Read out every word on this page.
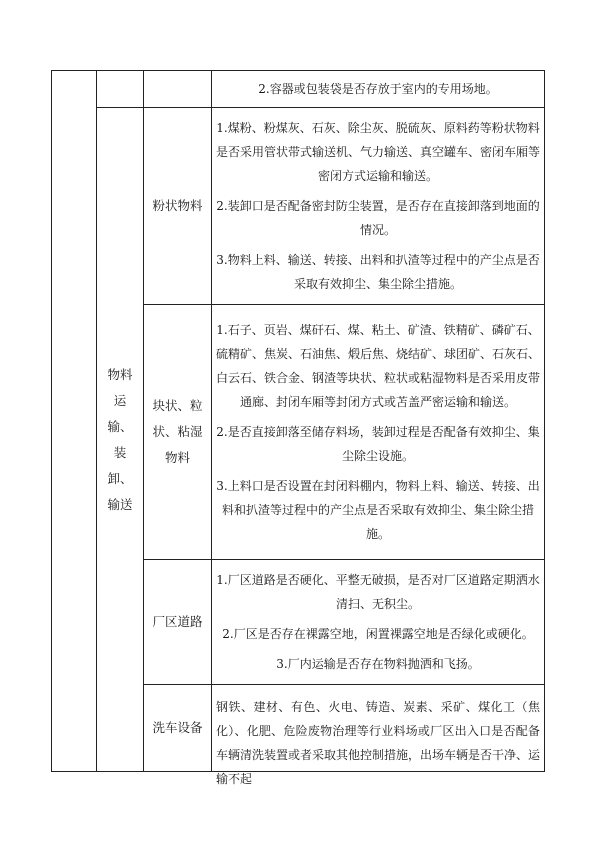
			2.容器或包装袋是否存放于室内的专用场地。

	物料运输、装卸、输送	粉状物料	1.煤粉、粉煤灰、石灰、除尘灰、脱硫灰、原料药等粉状物料是否采用管状带式输送机、气力输送、真空罐车、密闭车厢等密闭方式运输和输送。

2.装卸口是否配备密封防尘装置，是否存在直接卸落到地面的情况。

3.物料上料、输送、转接、出料和扒渣等过程中的产尘点是否采取有效抑尘、集尘除尘措施。

		块状、粒状、粘湿物料	1.石子、页岩、煤矸石、煤、粘土、矿渣、铁精矿、磷矿石、硫精矿、焦炭、石油焦、煅后焦、烧结矿、球团矿、石灰石、白云石、铁合金、钢渣等块状、粒状或粘湿物料是否采用皮带通廊、封闭车厢等封闭方式或苫盖严密运输和输送。

2.是否直接卸落至储存料场，装卸过程是否配备有效抑尘、集尘除尘设施。

3.上料口是否设置在封闭料棚内，物料上料、输送、转接、出料和扒渣等过程中的产尘点是否采取有效抑尘、集尘除尘措施。

		厂区道路	1.厂区道路是否硬化、平整无破损，是否对厂区道路定期洒水清扫、无积尘。

2.厂区是否存在裸露空地，闲置裸露空地是否绿化或硬化。

3.厂内运输是否存在物料抛洒和飞扬。

		洗车设备	钢铁、建材、有色、火电、铸造、炭素、采矿、煤化工（焦化）、化肥、危险废物治理等行业料场或厂区出入口是否配备车辆清洗装置或者采取其他控制措施，出场车辆是否干净、运输不起
